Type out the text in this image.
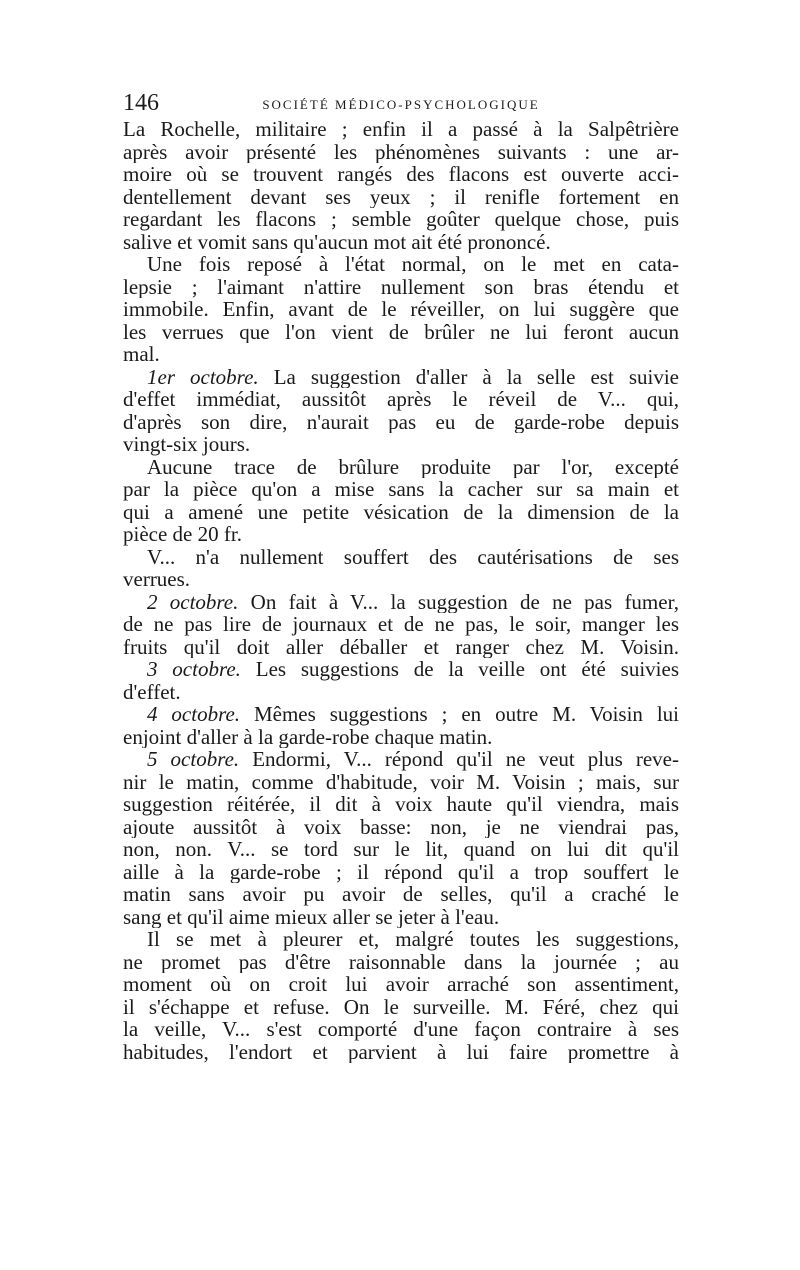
146	SOCIÉTÉ MÉDICO-PSYCHOLOGIQUE
La Rochelle, militaire ; enfin il a passé à la Salpêtrière
après avoir présenté les phénomènes suivants : une ar-
moire où se trouvent rangés des flacons est ouverte acci-
dentellement devant ses yeux ; il renifle fortement en
regardant les flacons ; semble goûter quelque chose, puis
salive et vomit sans qu'aucun mot ait été prononcé.
Une fois reposé à l'état normal, on le met en cata-
lepsie ; l'aimant n'attire nullement son bras étendu et
immobile. Enfin, avant de le réveiller, on lui suggère que
les verrues que l'on vient de brûler ne lui feront aucun
mal.
1er octobre. La suggestion d'aller à la selle est suivie
d'effet immédiat, aussitôt après le réveil de V... qui,
d'après son dire, n'aurait pas eu de garde-robe depuis
vingt-six jours.
Aucune trace de brûlure produite par l'or, excepté
par la pièce qu'on a mise sans la cacher sur sa main et
qui a amené une petite vésication de la dimension de la
pièce de 20 fr.
V... n'a nullement souffert des cautérisations de ses
verrues.
2 octobre. On fait à V... la suggestion de ne pas fumer,
de ne pas lire de journaux et de ne pas, le soir, manger les
fruits qu'il doit aller déballer et ranger chez M. Voisin.
3 octobre. Les suggestions de la veille ont été suivies
d'effet.
4 octobre. Mêmes suggestions ; en outre M. Voisin lui
enjoint d'aller à la garde-robe chaque matin.
5 octobre. Endormi, V... répond qu'il ne veut plus reve-
nir le matin, comme d'habitude, voir M. Voisin ; mais, sur
suggestion réitérée, il dit à voix haute qu'il viendra, mais
ajoute aussitôt à voix basse: non, je ne viendrai pas,
non, non. V... se tord sur le lit, quand on lui dit qu'il
aille à la garde-robe ; il répond qu'il a trop souffert le
matin sans avoir pu avoir de selles, qu'il a craché le
sang et qu'il aime mieux aller se jeter à l'eau.
Il se met à pleurer et, malgré toutes les suggestions,
ne promet pas d'être raisonnable dans la journée ; au
moment où on croit lui avoir arraché son assentiment,
il s'échappe et refuse. On le surveille. M. Féré, chez qui
la veille, V... s'est comporté d'une façon contraire à ses
habitudes, l'endort et parvient à lui faire promettre à
